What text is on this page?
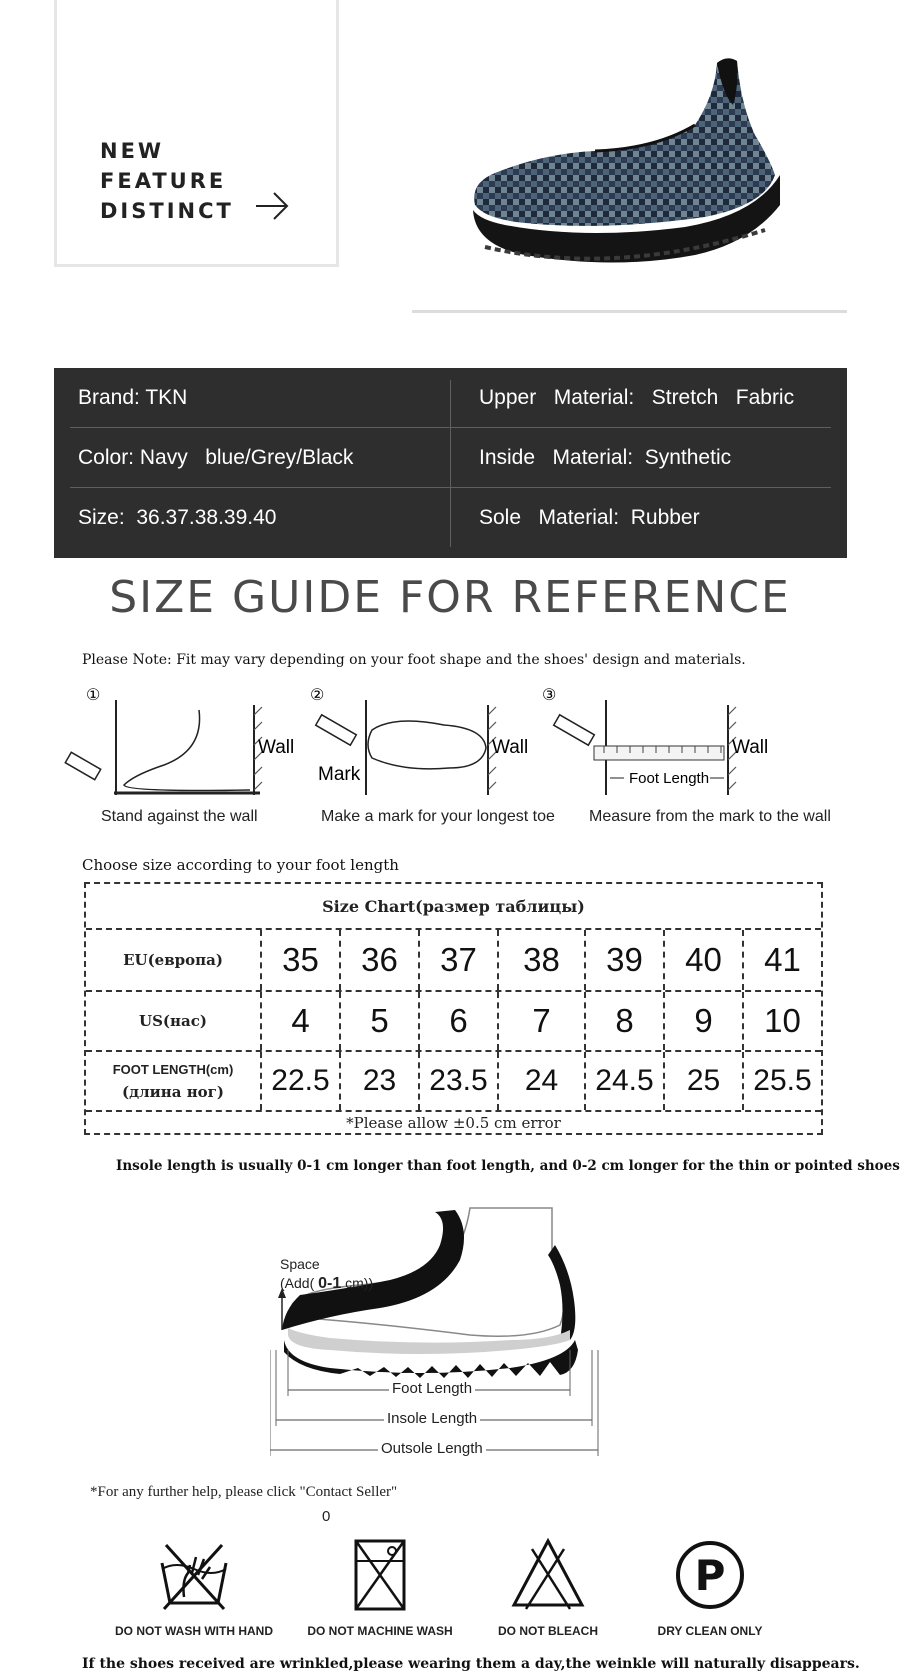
NEW
FEATURE
DISTINCT
Brand: TKN	Upper   Material:   Stretch   Fabric
Color: Navy   blue/Grey/Black	Inside   Material:  Synthetic
Size:  36.37.38.39.40	Sole   Material:  Rubber
SIZE GUIDE FOR REFERENCE
Please Note: Fit may vary depending on your foot shape and the shoes' design and materials.
①
Wall
②
Mark
Wall
③
Foot Length
Wall
Stand against the wall	Make a mark for your longest toe Measure from the mark to the wall
Choose size according to your foot length
Size Chart(размер таблицы)
EU(европа)	35	36	37	38	39	40	41
US(нас)	4	5	6	7	8	9	10
FOOT LENGTH(cm)
(длина ног)	22.5	23	23.5	24	24.5	25	25.5
*Please allow ±0.5 cm error
Insole length is usually 0-1 cm longer than foot length, and 0-2 cm longer for the thin or pointed shoes
Space
(Add( 0-1 cm))
Foot Length
Insole Length
Outsole Length
*For any further help, please click "Contact Seller"
0
P
DO NOT WASH WITH HAND	DO NOT MACHINE WASH	DO NOT BLEACH	DRY CLEAN ONLY
If the shoes received are wrinkled,please wearing them a day,the weinkle will naturally disappears.
